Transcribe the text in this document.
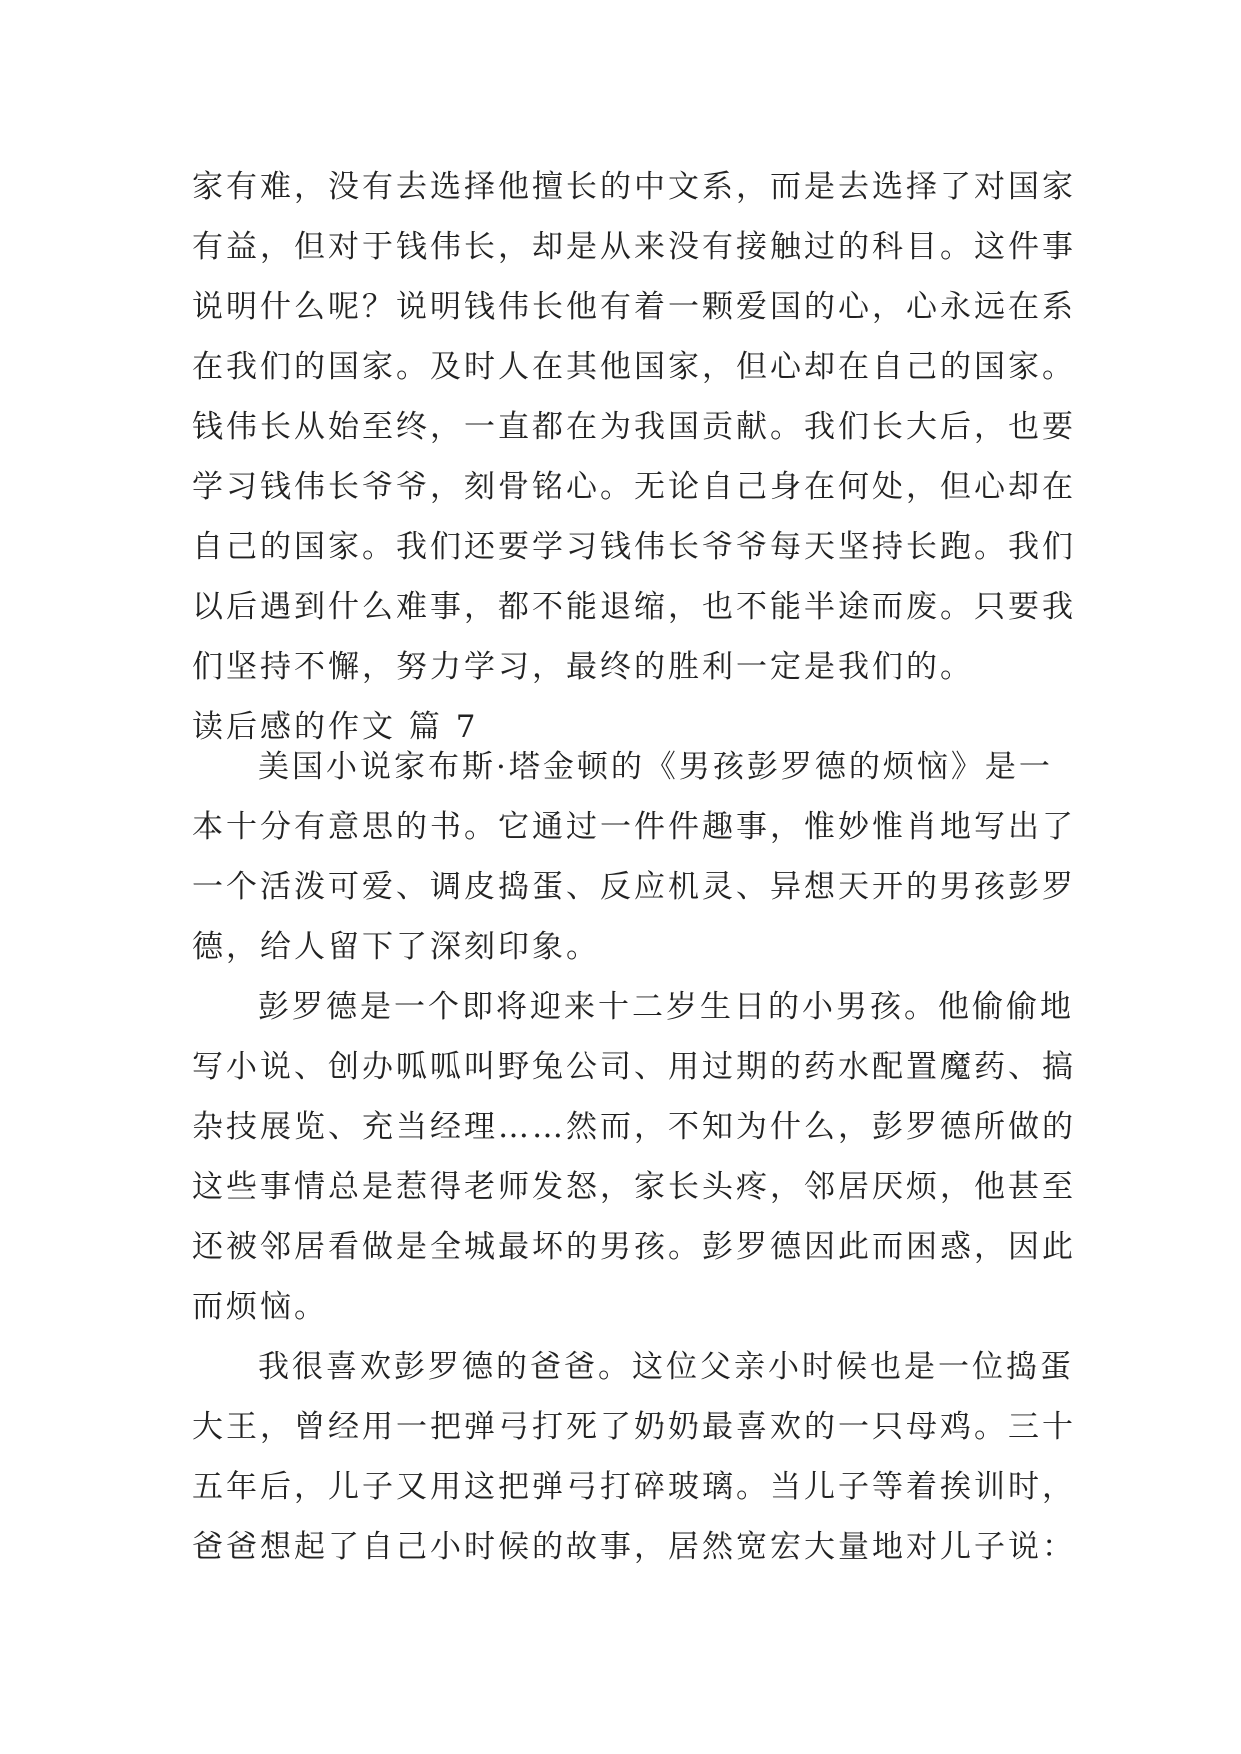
家有难，没有去选择他擅长的中文系，而是去选择了对国家
有益，但对于钱伟长，却是从来没有接触过的科目。这件事
说明什么呢？说明钱伟长他有着一颗爱国的心，心永远在系
在我们的国家。及时人在其他国家，但心却在自己的国家。
钱伟长从始至终，一直都在为我国贡献。我们长大后，也要
学习钱伟长爷爷，刻骨铭心。无论自己身在何处，但心却在
自己的国家。我们还要学习钱伟长爷爷每天坚持长跑。我们
以后遇到什么难事，都不能退缩，也不能半途而废。只要我
们坚持不懈，努力学习，最终的胜利一定是我们的。
读后感的作文 篇 7
美国小说家布斯·塔金顿的《男孩彭罗德的烦恼》是一
本十分有意思的书。它通过一件件趣事，惟妙惟肖地写出了
一个活泼可爱、调皮捣蛋、反应机灵、异想天开的男孩彭罗
德，给人留下了深刻印象。
彭罗德是一个即将迎来十二岁生日的小男孩。他偷偷地
写小说、创办呱呱叫野兔公司、用过期的药水配置魔药、搞
杂技展览、充当经理……然而，不知为什么，彭罗德所做的
这些事情总是惹得老师发怒，家长头疼，邻居厌烦，他甚至
还被邻居看做是全城最坏的男孩。彭罗德因此而困惑，因此
而烦恼。
我很喜欢彭罗德的爸爸。这位父亲小时候也是一位捣蛋
大王，曾经用一把弹弓打死了奶奶最喜欢的一只母鸡。三十
五年后，儿子又用这把弹弓打碎玻璃。当儿子等着挨训时，
爸爸想起了自己小时候的故事，居然宽宏大量地对儿子说：
